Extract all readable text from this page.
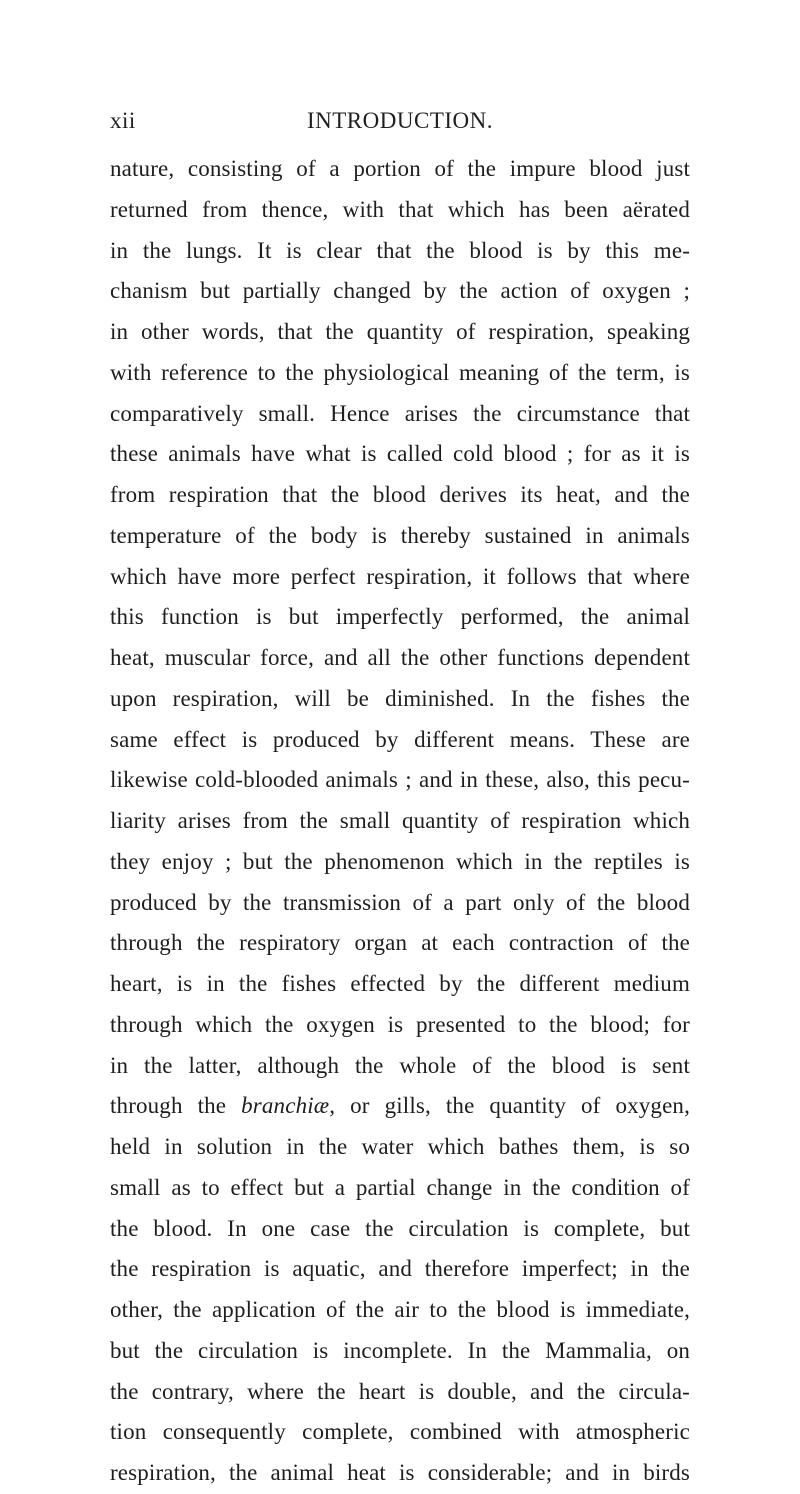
xii	INTRODUCTION.
nature, consisting of a portion of the impure blood just
returned from thence, with that which has been aërated
in the lungs. It is clear that the blood is by this me-
chanism but partially changed by the action of oxygen ;
in other words, that the quantity of respiration, speaking
with reference to the physiological meaning of the term, is
comparatively small. Hence arises the circumstance that
these animals have what is called cold blood ; for as it is
from respiration that the blood derives its heat, and the
temperature of the body is thereby sustained in animals
which have more perfect respiration, it follows that where
this function is but imperfectly performed, the animal
heat, muscular force, and all the other functions dependent
upon respiration, will be diminished. In the fishes the
same effect is produced by different means. These are
likewise cold-blooded animals ; and in these, also, this pecu-
liarity arises from the small quantity of respiration which
they enjoy ; but the phenomenon which in the reptiles is
produced by the transmission of a part only of the blood
through the respiratory organ at each contraction of the
heart, is in the fishes effected by the different medium
through which the oxygen is presented to the blood; for
in the latter, although the whole of the blood is sent
through the branchiæ, or gills, the quantity of oxygen,
held in solution in the water which bathes them, is so
small as to effect but a partial change in the condition of
the blood. In one case the circulation is complete, but
the respiration is aquatic, and therefore imperfect; in the
other, the application of the air to the blood is immediate,
but the circulation is incomplete. In the Mammalia, on
the contrary, where the heart is double, and the circula-
tion consequently complete, combined with atmospheric
respiration, the animal heat is considerable; and in birds
